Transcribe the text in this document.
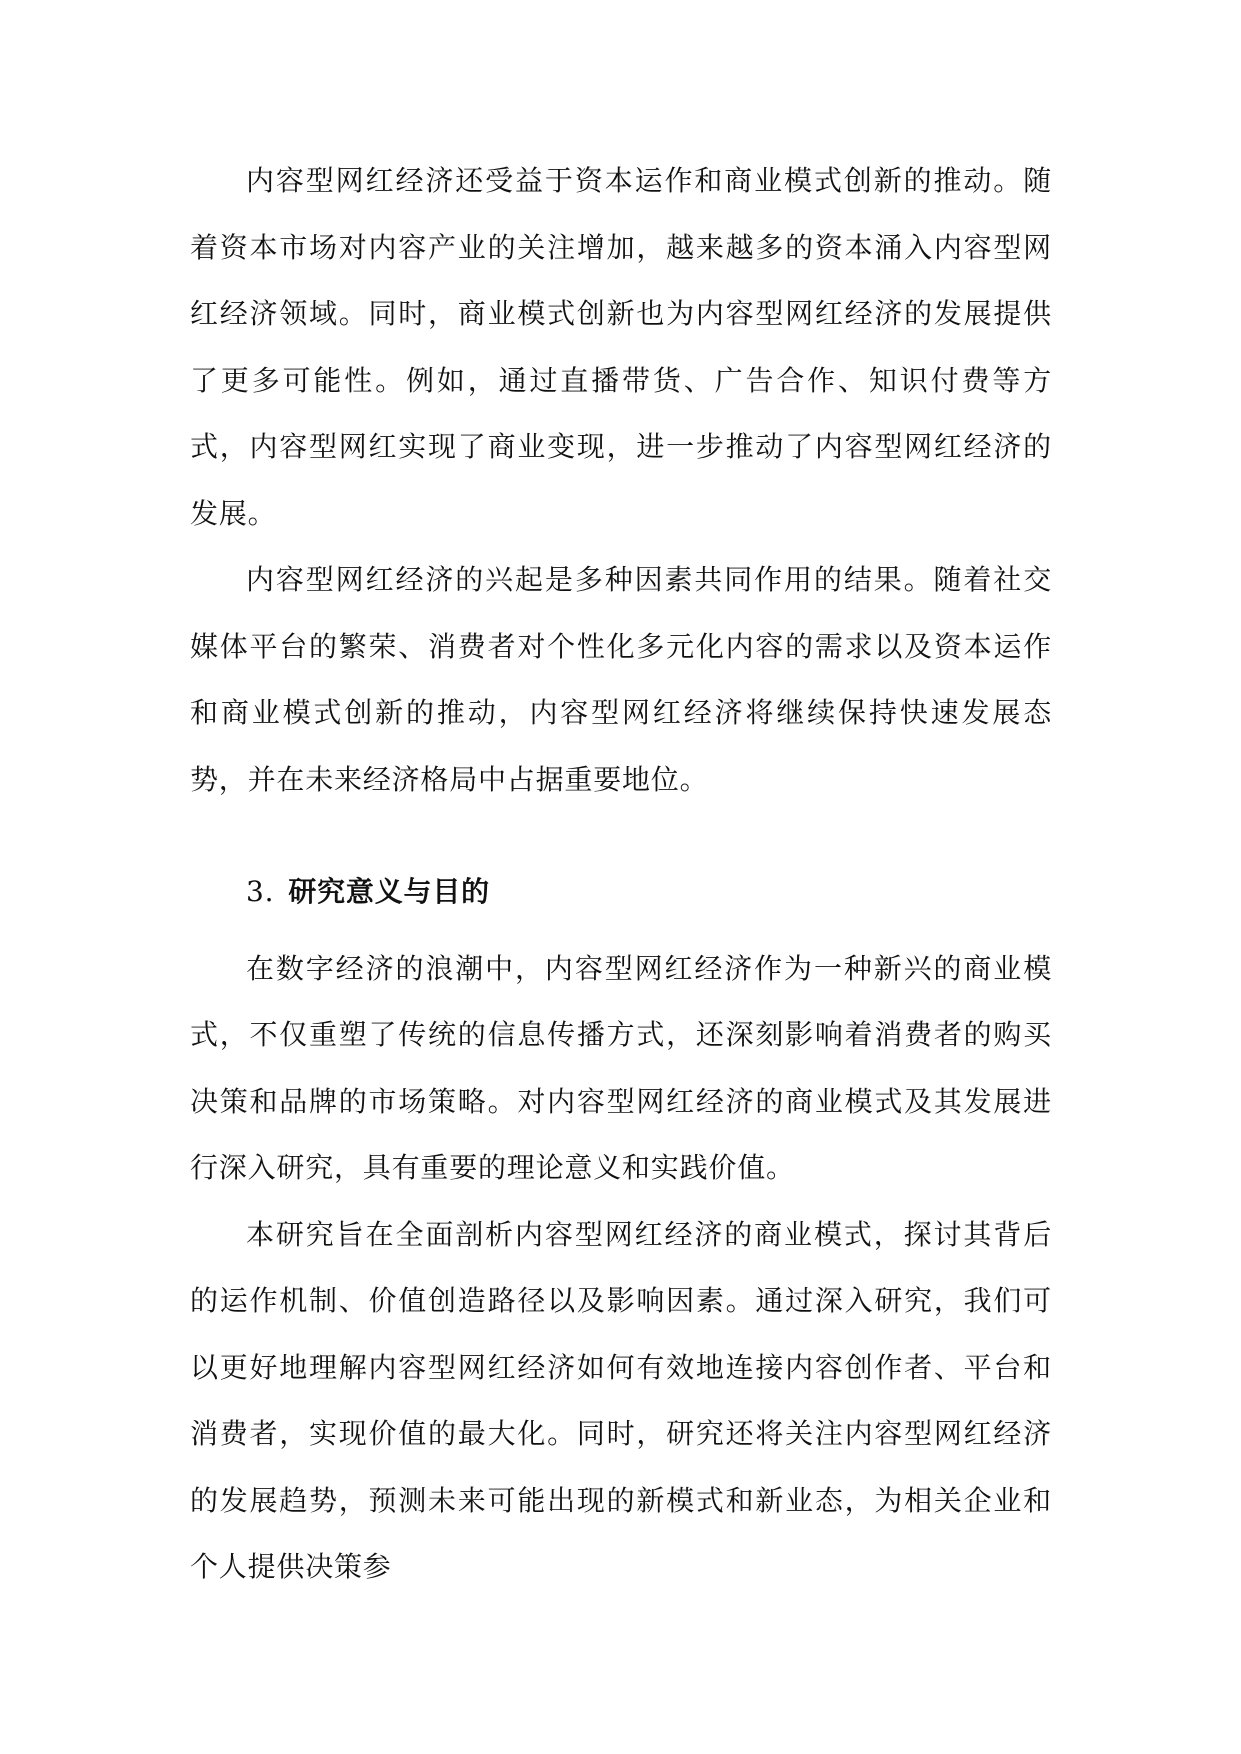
内容型网红经济还受益于资本运作和商业模式创新的推动。随着资本市场对内容产业的关注增加，越来越多的资本涌入内容型网红经济领域。同时，商业模式创新也为内容型网红经济的发展提供了更多可能性。例如，通过直播带货、广告合作、知识付费等方式，内容型网红实现了商业变现，进一步推动了内容型网红经济的发展。

内容型网红经济的兴起是多种因素共同作用的结果。随着社交媒体平台的繁荣、消费者对个性化多元化内容的需求以及资本运作和商业模式创新的推动，内容型网红经济将继续保持快速发展态势，并在未来经济格局中占据重要地位。

3. 研究意义与目的

在数字经济的浪潮中，内容型网红经济作为一种新兴的商业模式，不仅重塑了传统的信息传播方式，还深刻影响着消费者的购买决策和品牌的市场策略。对内容型网红经济的商业模式及其发展进行深入研究，具有重要的理论意义和实践价值。

本研究旨在全面剖析内容型网红经济的商业模式，探讨其背后的运作机制、价值创造路径以及影响因素。通过深入研究，我们可以更好地理解内容型网红经济如何有效地连接内容创作者、平台和消费者，实现价值的最大化。同时，研究还将关注内容型网红经济的发展趋势，预测未来可能出现的新模式和新业态，为相关企业和个人提供决策参
